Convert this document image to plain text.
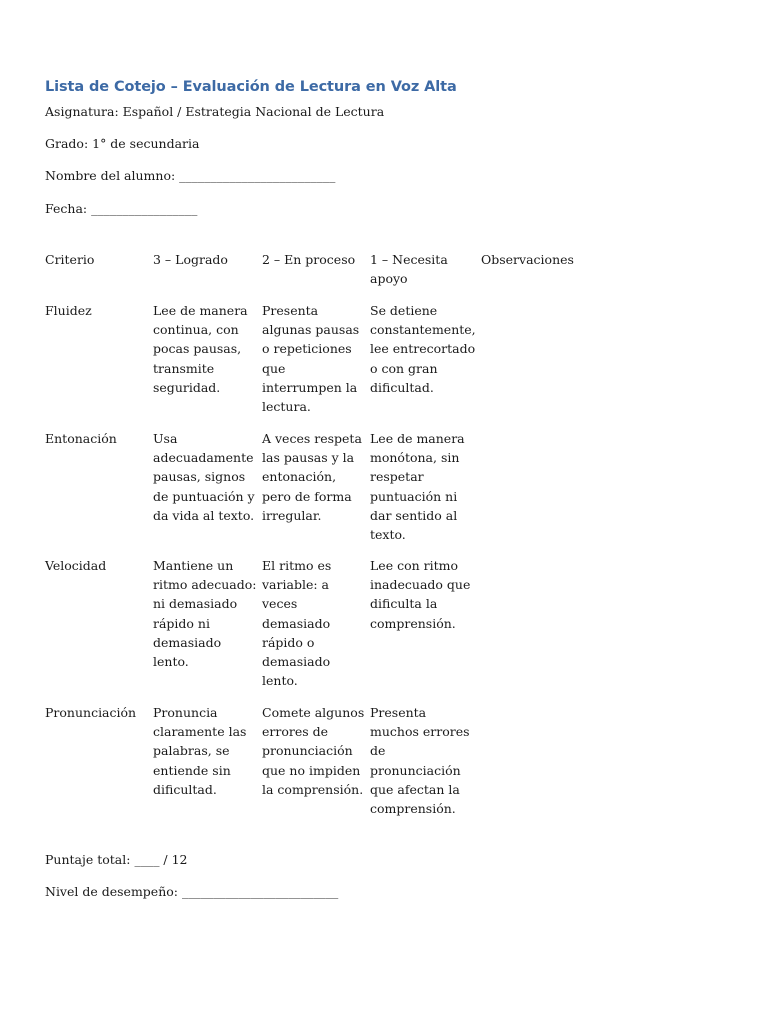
Lista de Cotejo – Evaluación de Lectura en Voz Alta

Asignatura: Español / Estrategia Nacional de Lectura

Grado: 1° de secundaria

Nombre del alumno: _________________________

Fecha: _________________

Criterio	3 – Logrado	2 – En proceso	1 – Necesita apoyo	Observaciones

Fluidez	Lee de manera continua, con pocas pausas, transmite seguridad.	Presenta algunas pausas o repeticiones que interrumpen la lectura.	Se detiene constantemente, lee entrecortado o con gran dificultad.	

Entonación	Usa adecuadamente pausas, signos de puntuación y da vida al texto.	A veces respeta las pausas y la entonación, pero de forma irregular.	Lee de manera monótona, sin respetar puntuación ni dar sentido al texto.	

Velocidad	Mantiene un ritmo adecuado: ni demasiado rápido ni demasiado lento.	El ritmo es variable: a veces demasiado rápido o demasiado lento.	Lee con ritmo inadecuado que dificulta la comprensión.	

Pronunciación	Pronuncia claramente las palabras, se entiende sin dificultad.	Comete algunos errores de pronunciación que no impiden la comprensión.	Presenta muchos errores de pronunciación que afectan la comprensión.	

Puntaje total: ____ / 12

Nivel de desempeño: _________________________
